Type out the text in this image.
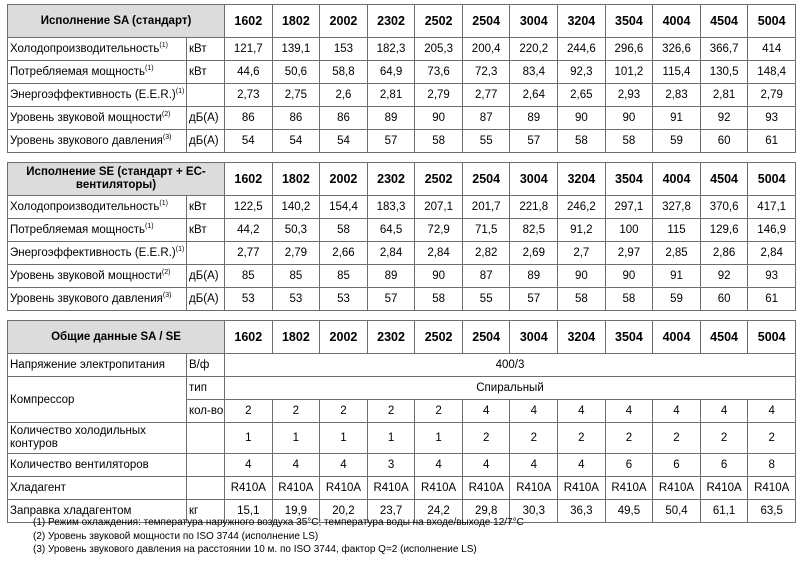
Исполнение SA (стандарт)		1602	1802	2002	2302	2502	2504	3004	3204	3504	4004	4504	5004
Холодопроизводительность$^{(1)}$	кВт	121,7	139,1	153	182,3	205,3	200,4	220,2	244,6	296,6	326,6	366,7	414
Потребляемая мощность$^{(1)}$	кВт	44,6	50,6	58,8	64,9	73,6	72,3	83,4	92,3	101,2	115,4	130,5	148,4
Энергоэффективность $(E.E.R.)^{(1)}$		2,73	2,75	2,6	2,81	2,79	2,77	2,64	2,65	2,93	2,83	2,81	2,79
Уровень звуковой мощности$^{(2)}$	дБ(А)	86	86	86	89	90	87	89	90	90	91	92	93
Уровень звукового давления$^{(3)}$	дБ(А)	54	54	54	57	58	55	57	58	58	59	60	61

Исполнение SE (стандарт + ЕС-вентиляторы)		1602	1802	2002	2302	2502	2504	3004	3204	3504	4004	4504	5004
Холодопроизводительность$^{(1)}$	кВт	122,5	140,2	154,4	183,3	207,1	201,7	221,8	246,2	297,1	327,8	370,6	417,1
Потребляемая мощность$^{(1)}$	кВт	44,2	50,3	58	64,5	72,9	71,5	82,5	91,2	100	115	129,6	146,9
Энергоэффективность $(E.E.R.)^{(1)}$		2,77	2,79	2,66	2,84	2,84	2,82	2,69	2,7	2,97	2,85	2,86	2,84
Уровень звуковой мощности$^{(2)}$	дБ(А)	85	85	85	89	90	87	89	90	90	91	92	93
Уровень звукового давления$^{(3)}$	дБ(А)	53	53	53	57	58	55	57	58	58	59	60	61

Общие данные SA / SE		1602	1802	2002	2302	2502	2504	3004	3204	3504	4004	4504	5004
Напряжение электропитания	В/ф	400/3											
Компрессор	тип	Спиральный											
	кол-во	2	2	2	2	2	4	4	4	4	4	4	4
Количество холодильных контуров		1	1	1	1	1	2	2	2	2	2	2	2
Количество вентиляторов		4	4	4	3	4	4	4	4	6	6	6	8
Хладагент		R410A	R410A	R410A	R410A	R410A	R410A	R410A	R410A	R410A	R410A	R410A	R410A
Заправка хладагентом	кг	15,1	19,9	20,2	23,7	24,2	29,8	30,3	36,3	49,5	50,4	61,1	63,5
(1) Режим охлаждения: температура наружного воздуха 35°С; температура воды на входе/выходе 12/7°С
(2) Уровень звуковой мощности по ISO 3744 (исполнение LS)
(3) Уровень звукового давления на расстоянии 10 м. по ISO 3744, фактор Q=2 (исполнение LS)
